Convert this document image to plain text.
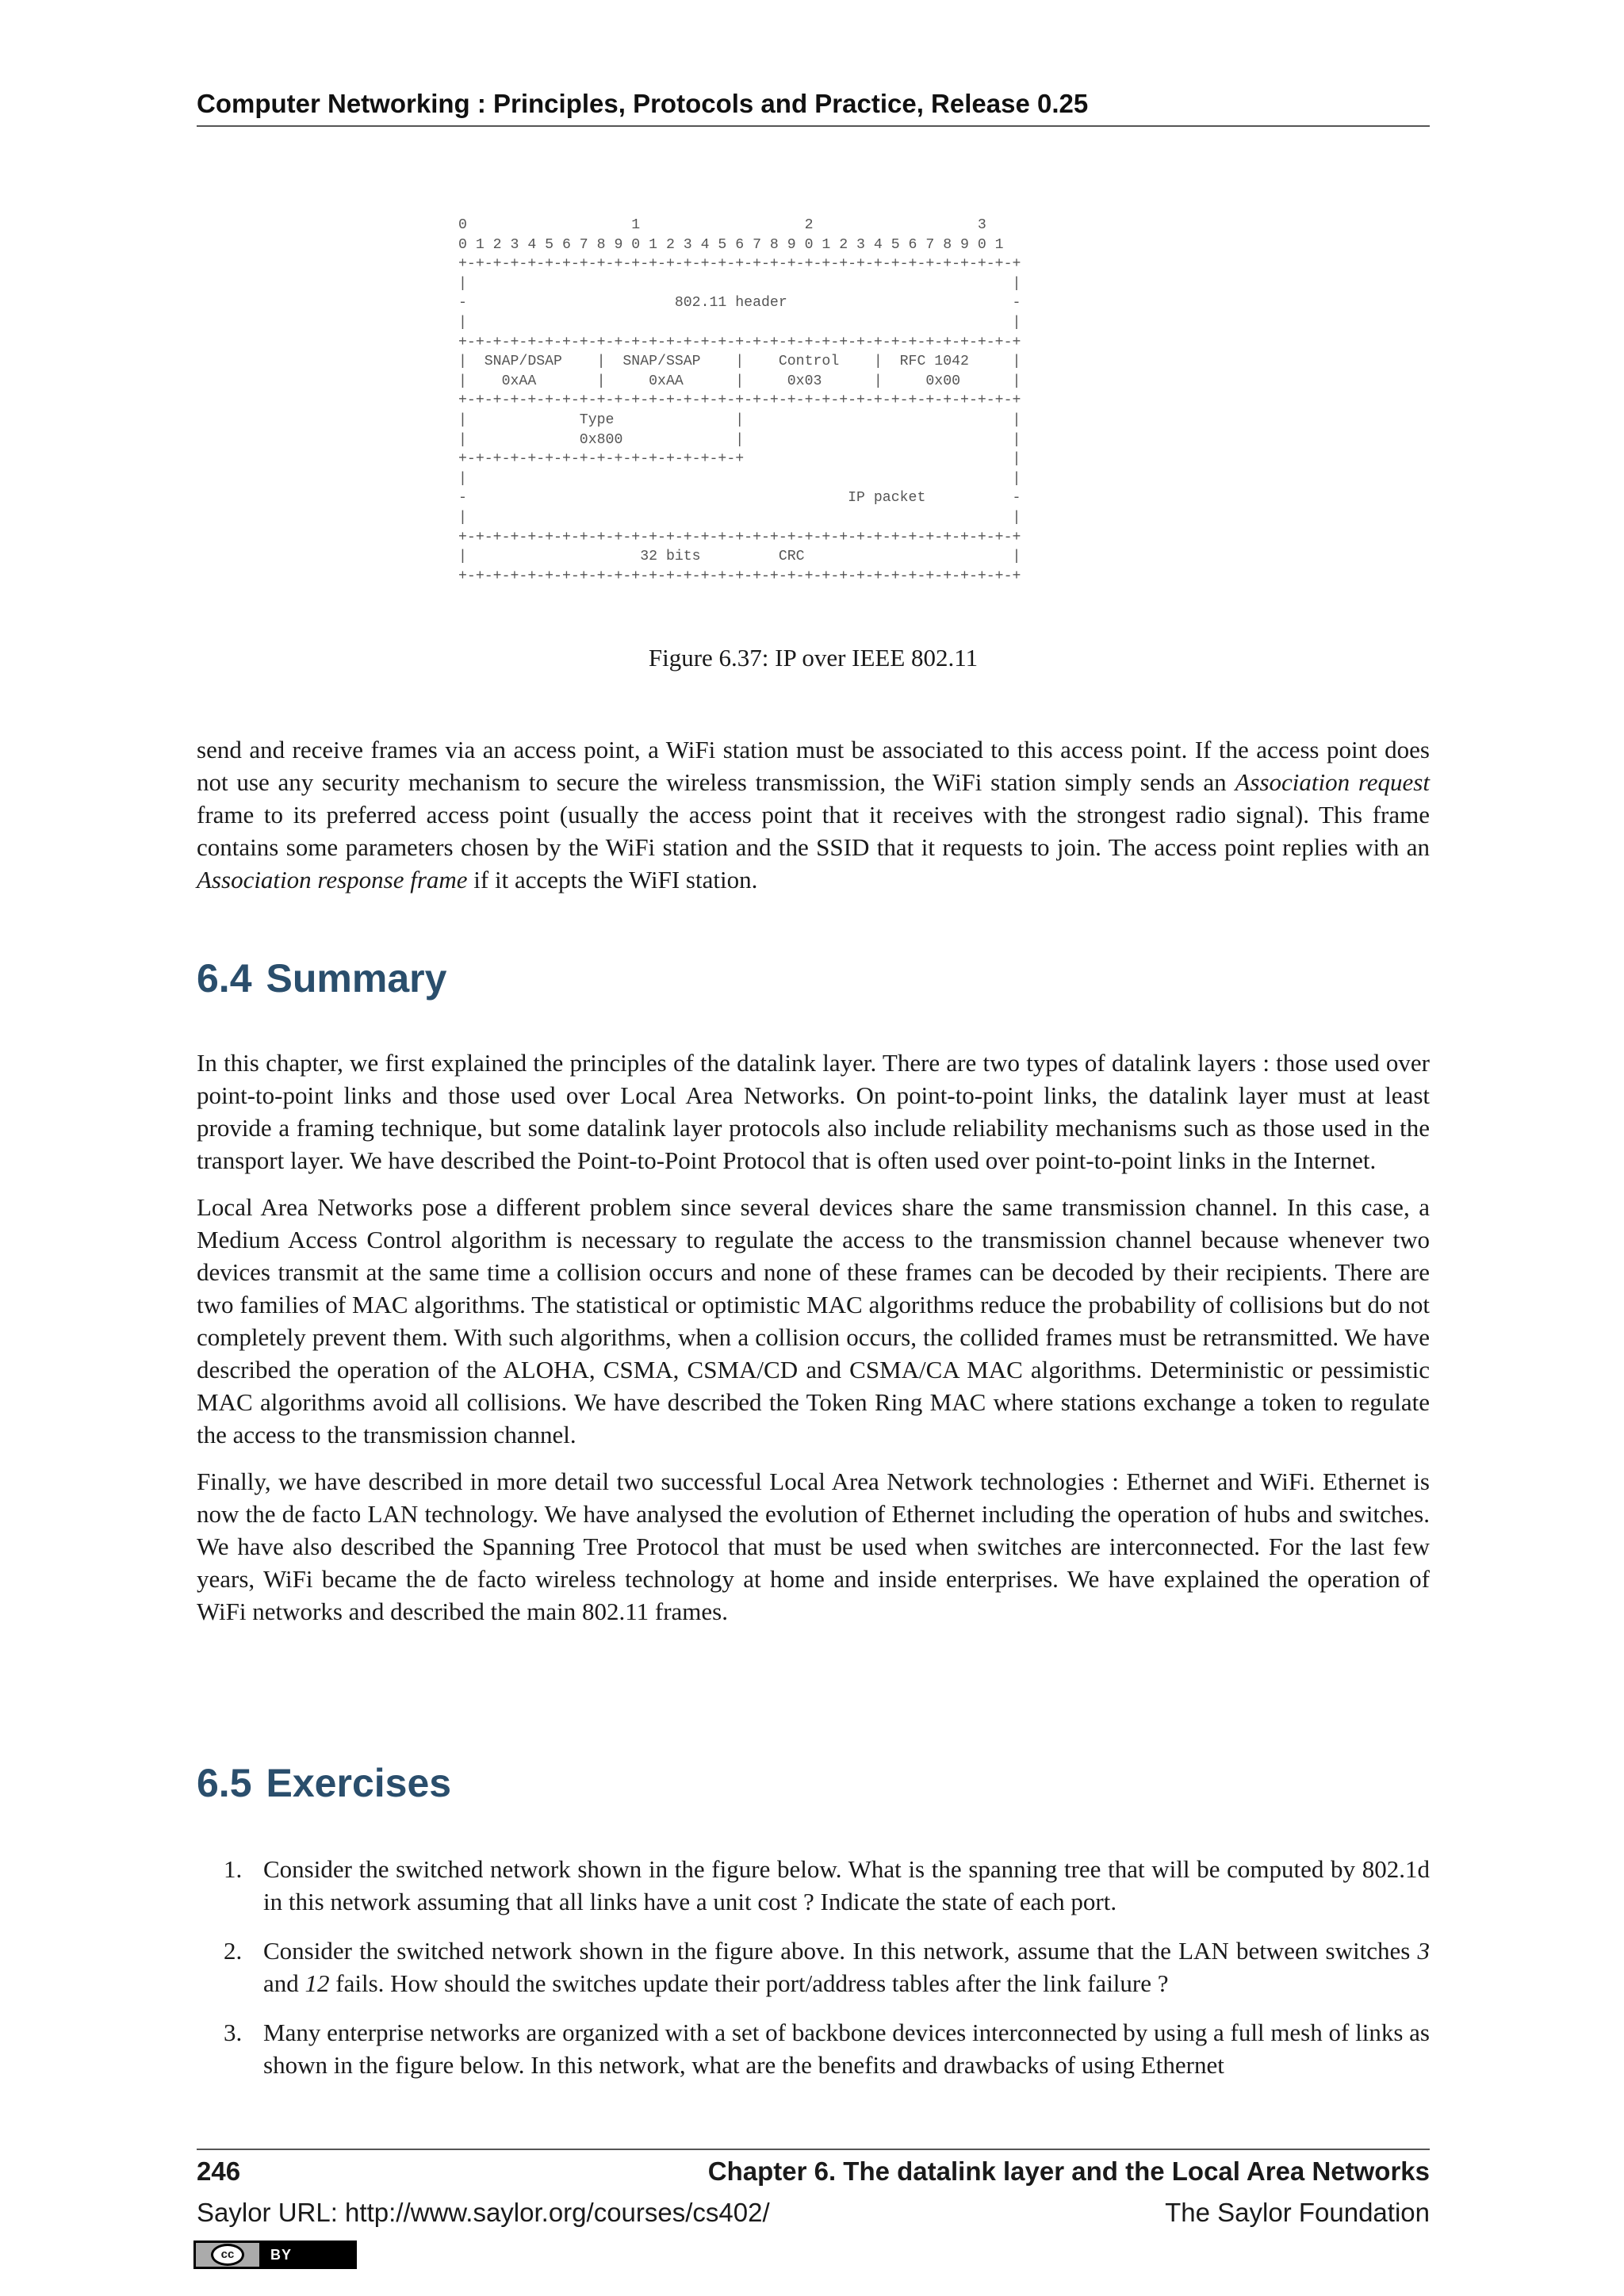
Computer Networking : Principles, Protocols and Practice, Release 0.25
0                   1                   2                   3
0 1 2 3 4 5 6 7 8 9 0 1 2 3 4 5 6 7 8 9 0 1 2 3 4 5 6 7 8 9 0 1
+-+-+-+-+-+-+-+-+-+-+-+-+-+-+-+-+-+-+-+-+-+-+-+-+-+-+-+-+-+-+-+-+
|                                                               |
-                        802.11 header                          -
|                                                               |
+-+-+-+-+-+-+-+-+-+-+-+-+-+-+-+-+-+-+-+-+-+-+-+-+-+-+-+-+-+-+-+-+
|  SNAP/DSAP    |  SNAP/SSAP    |    Control    |  RFC 1042     |
|    0xAA       |     0xAA      |     0x03      |     0x00      |
+-+-+-+-+-+-+-+-+-+-+-+-+-+-+-+-+-+-+-+-+-+-+-+-+-+-+-+-+-+-+-+-+
|             Type              |                               |
|             0x800             |                               |
+-+-+-+-+-+-+-+-+-+-+-+-+-+-+-+-+                               |
|                                                               |
-                                            IP packet          -
|                                                               |
+-+-+-+-+-+-+-+-+-+-+-+-+-+-+-+-+-+-+-+-+-+-+-+-+-+-+-+-+-+-+-+-+
|                    32 bits         CRC                        |
+-+-+-+-+-+-+-+-+-+-+-+-+-+-+-+-+-+-+-+-+-+-+-+-+-+-+-+-+-+-+-+-+
Figure 6.37: IP over IEEE 802.11

send and receive frames via an access point, a WiFi station must be associated to this access point. If the access point does not use any security mechanism to secure the wireless transmission, the WiFi station simply sends an Association request frame to its preferred access point (usually the access point that it receives with the strongest radio signal). This frame contains some parameters chosen by the WiFi station and the SSID that it requests to join. The access point replies with an Association response frame if it accepts the WiFI station.

6.4 Summary

In this chapter, we first explained the principles of the datalink layer. There are two types of datalink layers : those used over point-to-point links and those used over Local Area Networks. On point-to-point links, the datalink layer must at least provide a framing technique, but some datalink layer protocols also include reliability mechanisms such as those used in the transport layer. We have described the Point-to-Point Protocol that is often used over point-to-point links in the Internet.

Local Area Networks pose a different problem since several devices share the same transmission channel. In this case, a Medium Access Control algorithm is necessary to regulate the access to the transmission channel because whenever two devices transmit at the same time a collision occurs and none of these frames can be decoded by their recipients. There are two families of MAC algorithms. The statistical or optimistic MAC algorithms reduce the probability of collisions but do not completely prevent them. With such algorithms, when a collision occurs, the collided frames must be retransmitted. We have described the operation of the ALOHA, CSMA, CSMA/CD and CSMA/CA MAC algorithms. Deterministic or pessimistic MAC algorithms avoid all collisions. We have described the Token Ring MAC where stations exchange a token to regulate the access to the transmission channel.

Finally, we have described in more detail two successful Local Area Network technologies : Ethernet and WiFi. Ethernet is now the de facto LAN technology. We have analysed the evolution of Ethernet including the operation of hubs and switches. We have also described the Spanning Tree Protocol that must be used when switches are interconnected. For the last few years, WiFi became the de facto wireless technology at home and inside enterprises. We have explained the operation of WiFi networks and described the main 802.11 frames.

6.5 Exercises
1. Consider the switched network shown in the figure below. What is the spanning tree that will be computed by 802.1d in this network assuming that all links have a unit cost ? Indicate the state of each port.
2. Consider the switched network shown in the figure above. In this network, assume that the LAN between switches 3 and 12 fails. How should the switches update their port/address tables after the link failure ?
3. Many enterprise networks are organized with a set of backbone devices interconnected by using a full mesh of links as shown in the figure below. In this network, what are the benefits and drawbacks of using Ethernet
246	Chapter 6. The datalink layer and the Local Area Networks
Saylor URL: http://www.saylor.org/courses/cs402/	The Saylor Foundation
cc	BY
